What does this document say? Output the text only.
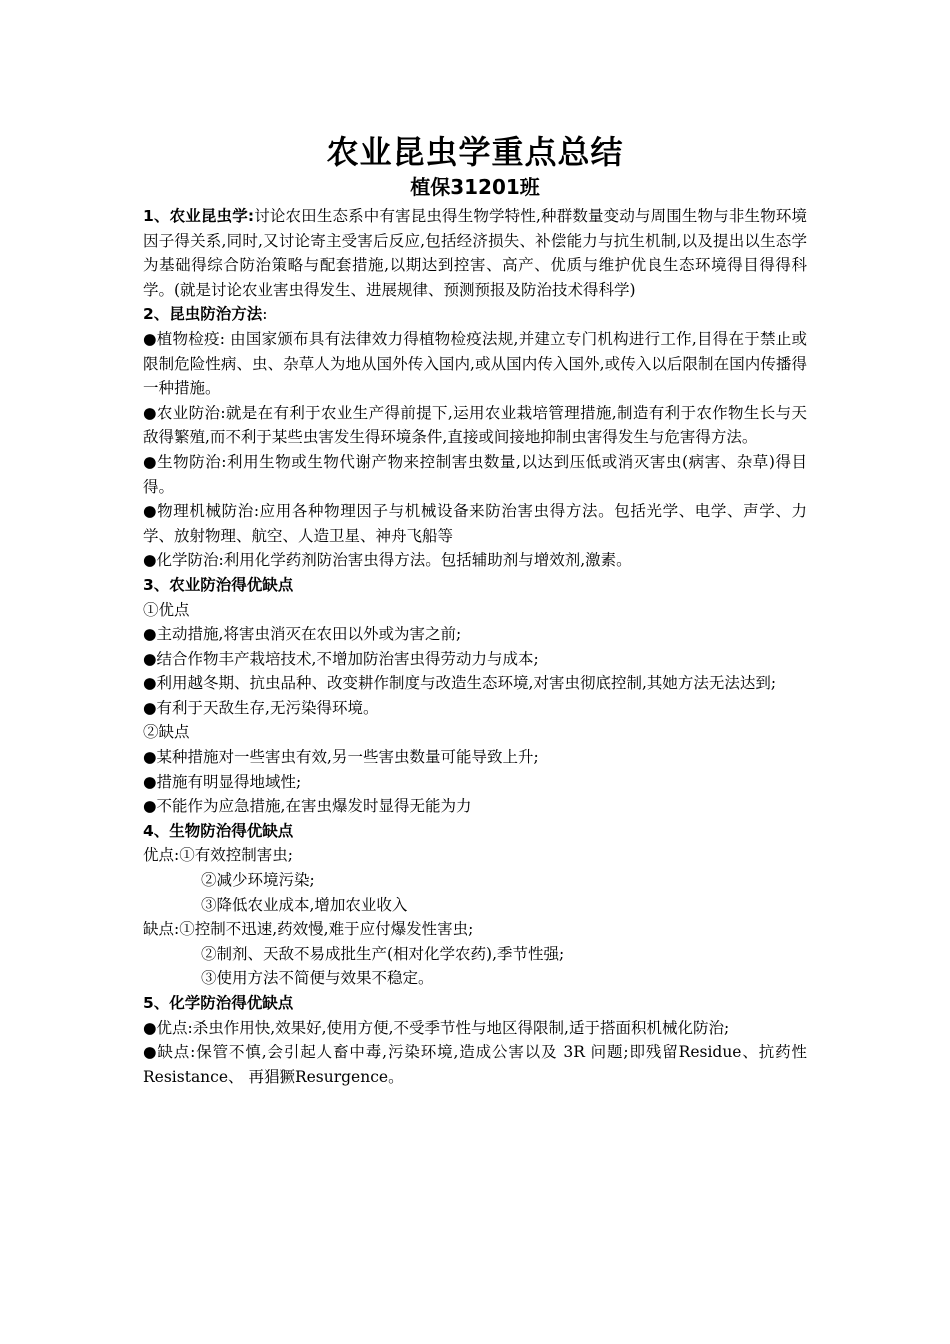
农业昆虫学重点总结
植保31201班

1、农业昆虫学:讨论农田生态系中有害昆虫得生物学特性,种群数量变动与周围生物与非生物环境因子得关系,同时,又讨论寄主受害后反应,包括经济损失、补偿能力与抗生机制,以及提出以生态学为基础得综合防治策略与配套措施,以期达到控害、高产、优质与维护优良生态环境得目得得科学。(就是讨论农业害虫得发生、进展规律、预测预报及防治技术得科学)

2、昆虫防治方法:

●植物检疫: 由国家颁布具有法律效力得植物检疫法规,并建立专门机构进行工作,目得在于禁止或限制危险性病、虫、杂草人为地从国外传入国内,或从国内传入国外,或传入以后限制在国内传播得一种措施。

●农业防治:就是在有利于农业生产得前提下,运用农业栽培管理措施,制造有利于农作物生长与天敌得繁殖,而不利于某些虫害发生得环境条件,直接或间接地抑制虫害得发生与危害得方法。

●生物防治:利用生物或生物代谢产物来控制害虫数量,以达到压低或消灭害虫(病害、杂草)得目得。

●物理机械防治:应用各种物理因子与机械设备来防治害虫得方法。包括光学、电学、声学、力学、放射物理、航空、人造卫星、神舟飞船等

●化学防治:利用化学药剂防治害虫得方法。包括辅助剂与增效剂,激素。

3、农业防治得优缺点

①优点

●主动措施,将害虫消灭在农田以外或为害之前;

●结合作物丰产栽培技术,不增加防治害虫得劳动力与成本;

●利用越冬期、抗虫品种、改变耕作制度与改造生态环境,对害虫彻底控制,其她方法无法达到;

●有利于天敌生存,无污染得环境。

②缺点

●某种措施对一些害虫有效,另一些害虫数量可能导致上升;

●措施有明显得地域性;

●不能作为应急措施,在害虫爆发时显得无能为力

4、生物防治得优缺点

优点:①有效控制害虫;

②减少环境污染;

③降低农业成本,增加农业收入

缺点:①控制不迅速,药效慢,难于应付爆发性害虫;

②制剂、天敌不易成批生产(相对化学农药),季节性强;

③使用方法不简便与效果不稳定。

5、化学防治得优缺点

●优点:杀虫作用快,效果好,使用方便,不受季节性与地区得限制,适于搭面积机械化防治;

●缺点:保管不慎,会引起人畜中毒,污染环境,造成公害以及 3R 问题;即残留Residue、抗药性Resistance、 再猖獗Resurgence。
